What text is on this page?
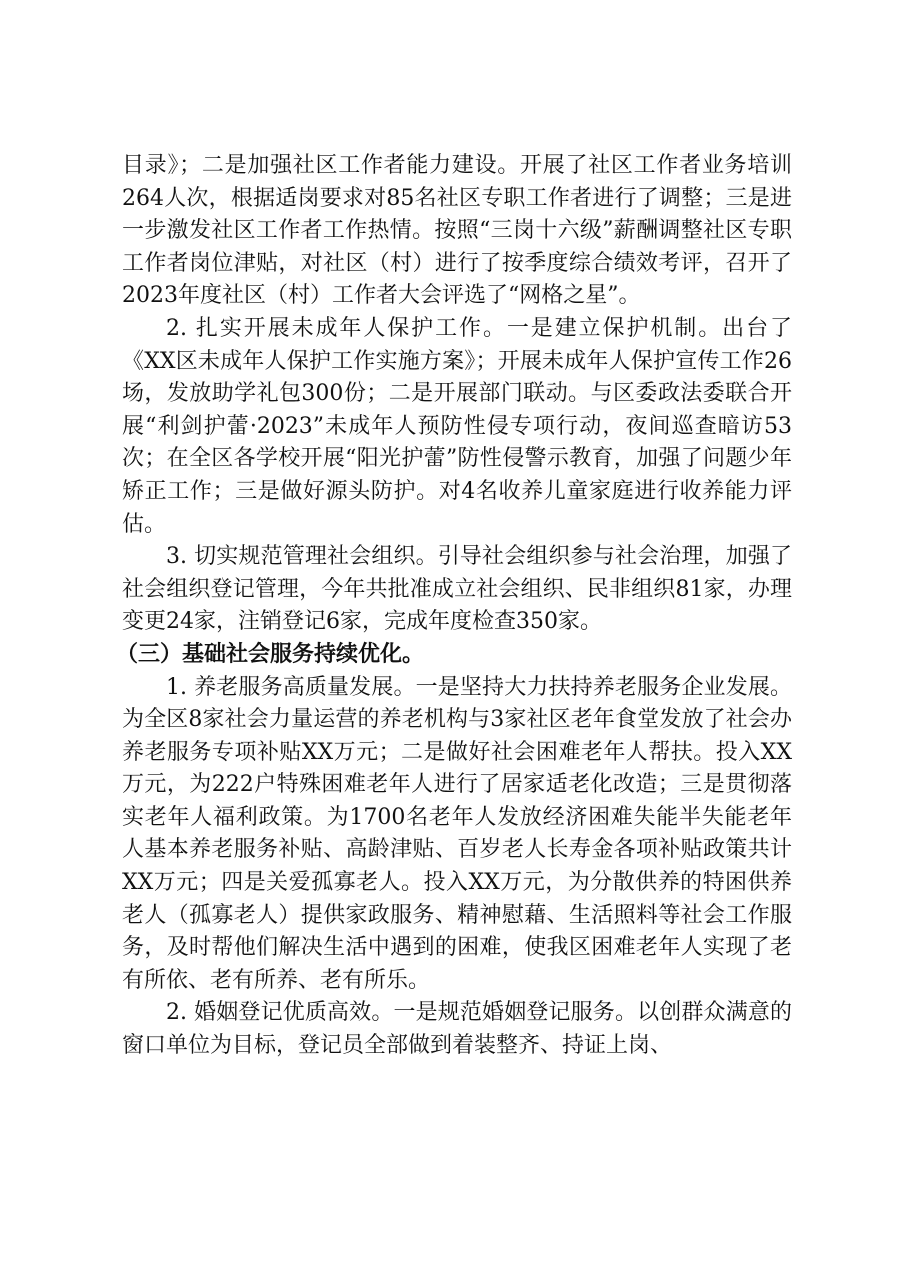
目录》；二是加强社区工作者能力建设。开展了社区工作者业务培训264人次，根据适岗要求对85名社区专职工作者进行了调整；三是进一步激发社区工作者工作热情。按照“三岗十六级”薪酬调整社区专职工作者岗位津贴，对社区（村）进行了按季度综合绩效考评，召开了2023年度社区（村）工作者大会评选了“网格之星”。

2. 扎实开展未成年人保护工作。一是建立保护机制。出台了《XX区未成年人保护工作实施方案》；开展未成年人保护宣传工作26场，发放助学礼包300份；二是开展部门联动。与区委政法委联合开展“利剑护蕾·2023”未成年人预防性侵专项行动，夜间巡查暗访53次；在全区各学校开展“阳光护蕾”防性侵警示教育，加强了问题少年矫正工作；三是做好源头防护。对4名收养儿童家庭进行收养能力评估。

3. 切实规范管理社会组织。引导社会组织参与社会治理，加强了社会组织登记管理，今年共批准成立社会组织、民非组织81家，办理变更24家，注销登记6家，完成年度检查350家。

（三）基础社会服务持续优化。

1. 养老服务高质量发展。一是坚持大力扶持养老服务企业发展。为全区8家社会力量运营的养老机构与3家社区老年食堂发放了社会办养老服务专项补贴XX万元；二是做好社会困难老年人帮扶。投入XX万元，为222户特殊困难老年人进行了居家适老化改造；三是贯彻落实老年人福利政策。为1700名老年人发放经济困难失能半失能老年人基本养老服务补贴、高龄津贴、百岁老人长寿金各项补贴政策共计XX万元；四是关爱孤寡老人。投入XX万元，为分散供养的特困供养老人（孤寡老人）提供家政服务、精神慰藉、生活照料等社会工作服务，及时帮他们解决生活中遇到的困难，使我区困难老年人实现了老有所依、老有所养、老有所乐。

2. 婚姻登记优质高效。一是规范婚姻登记服务。以创群众满意的窗口单位为目标，登记员全部做到着装整齐、持证上岗、
